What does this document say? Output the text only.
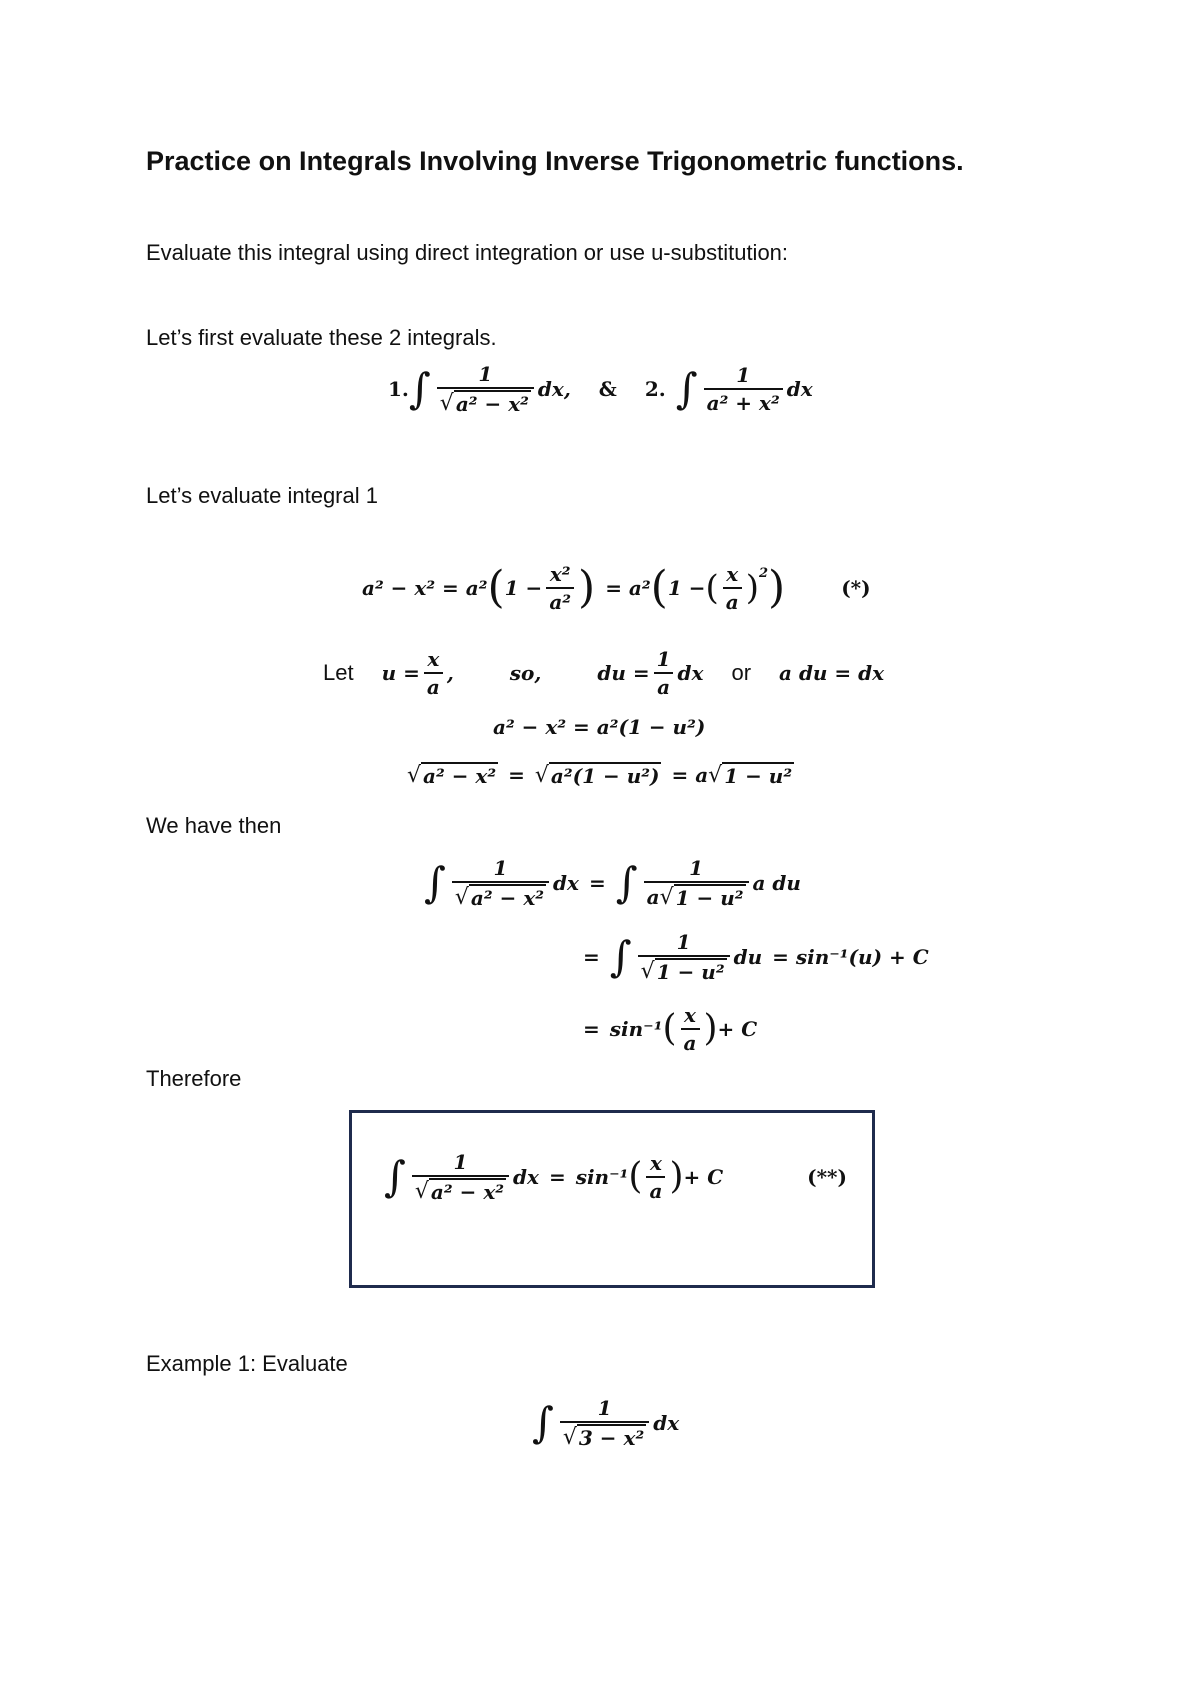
Practice on Integrals Involving Inverse Trigonometric functions.
Evaluate this integral using direct integration or use u-substitution:
Let’s first evaluate these 2 integrals.
1. ∫ $\frac{1}{\text{√ a² − x²}}$ dx, & 2. ∫ $\frac{1}{\text{a² + x²}}$ dx
Let’s evaluate integral 1
a² − x² = a² ( $1 - \frac{\text{x²}}{\text{a²}}$ ) = a² ( 1 − ( $\frac{x}{a} )^2$ )	(*)
Let $u = \frac{x}{a}$ ,	so,	du = $\frac{1}{a}$ dx or a du = dx
a² − x² = a²(1 − u²)
√ a² − x² = √ a²(1 − u²) = a √ 1 − u²
We have then
∫ $\frac{1}{\text{√ a² − x²}}$ dx = ∫ $\frac{1}{\text{a √ 1 − u²}}$ a du
= ∫ $\frac{1}{\text{√ 1 − u²}}$ du = sin⁻¹(u) + C
= sin⁻¹ ( $\frac{x}{a}$ ) + C
Therefore
∫ $\frac{1}{\text{√ a² − x²}}$ dx = sin⁻¹ ( $\frac{x}{a}$ ) + C	(**)
Example 1: Evaluate
∫ $\frac{1}{\text{√ 3 − x²}}$ dx
